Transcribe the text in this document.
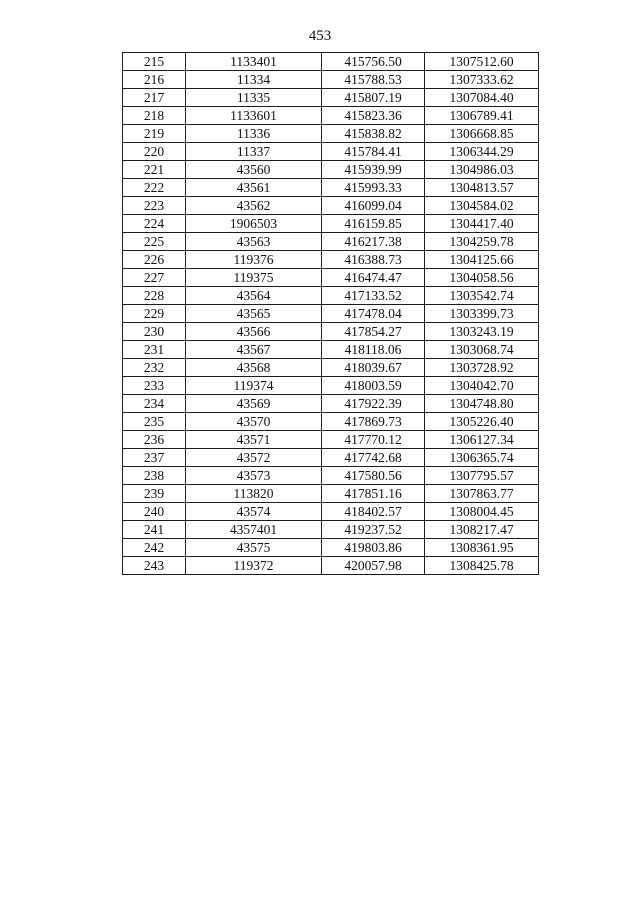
453
215	1133401	415756.50	1307512.60
216	11334	415788.53	1307333.62
217	11335	415807.19	1307084.40
218	1133601	415823.36	1306789.41
219	11336	415838.82	1306668.85
220	11337	415784.41	1306344.29
221	43560	415939.99	1304986.03
222	43561	415993.33	1304813.57
223	43562	416099.04	1304584.02
224	1906503	416159.85	1304417.40
225	43563	416217.38	1304259.78
226	119376	416388.73	1304125.66
227	119375	416474.47	1304058.56
228	43564	417133.52	1303542.74
229	43565	417478.04	1303399.73
230	43566	417854.27	1303243.19
231	43567	418118.06	1303068.74
232	43568	418039.67	1303728.92
233	119374	418003.59	1304042.70
234	43569	417922.39	1304748.80
235	43570	417869.73	1305226.40
236	43571	417770.12	1306127.34
237	43572	417742.68	1306365.74
238	43573	417580.56	1307795.57
239	113820	417851.16	1307863.77
240	43574	418402.57	1308004.45
241	4357401	419237.52	1308217.47
242	43575	419803.86	1308361.95
243	119372	420057.98	1308425.78
